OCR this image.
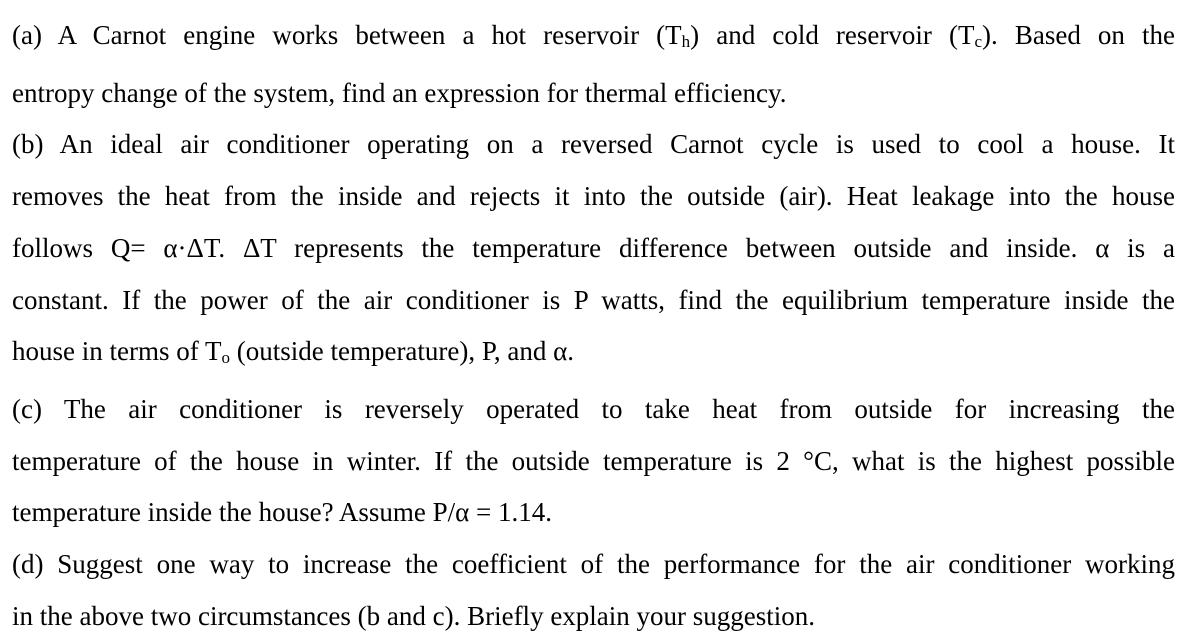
(a) A Carnot engine works between a hot reservoir (Th) and cold reservoir (Tc). Based on the
entropy change of the system, find an expression for thermal efficiency.

(b) An ideal air conditioner operating on a reversed Carnot cycle is used to cool a house. It
removes the heat from the inside and rejects it into the outside (air). Heat leakage into the house
follows Q= α·ΔT. ΔT represents the temperature difference between outside and inside. α is a
constant. If the power of the air conditioner is P watts, find the equilibrium temperature inside the
house in terms of To (outside temperature), P, and α.

(c) The air conditioner is reversely operated to take heat from outside for increasing the
temperature of the house in winter. If the outside temperature is 2 °C, what is the highest possible
temperature inside the house? Assume P/α = 1.14.

(d) Suggest one way to increase the coefficient of the performance for the air conditioner working
in the above two circumstances (b and c). Briefly explain your suggestion.
